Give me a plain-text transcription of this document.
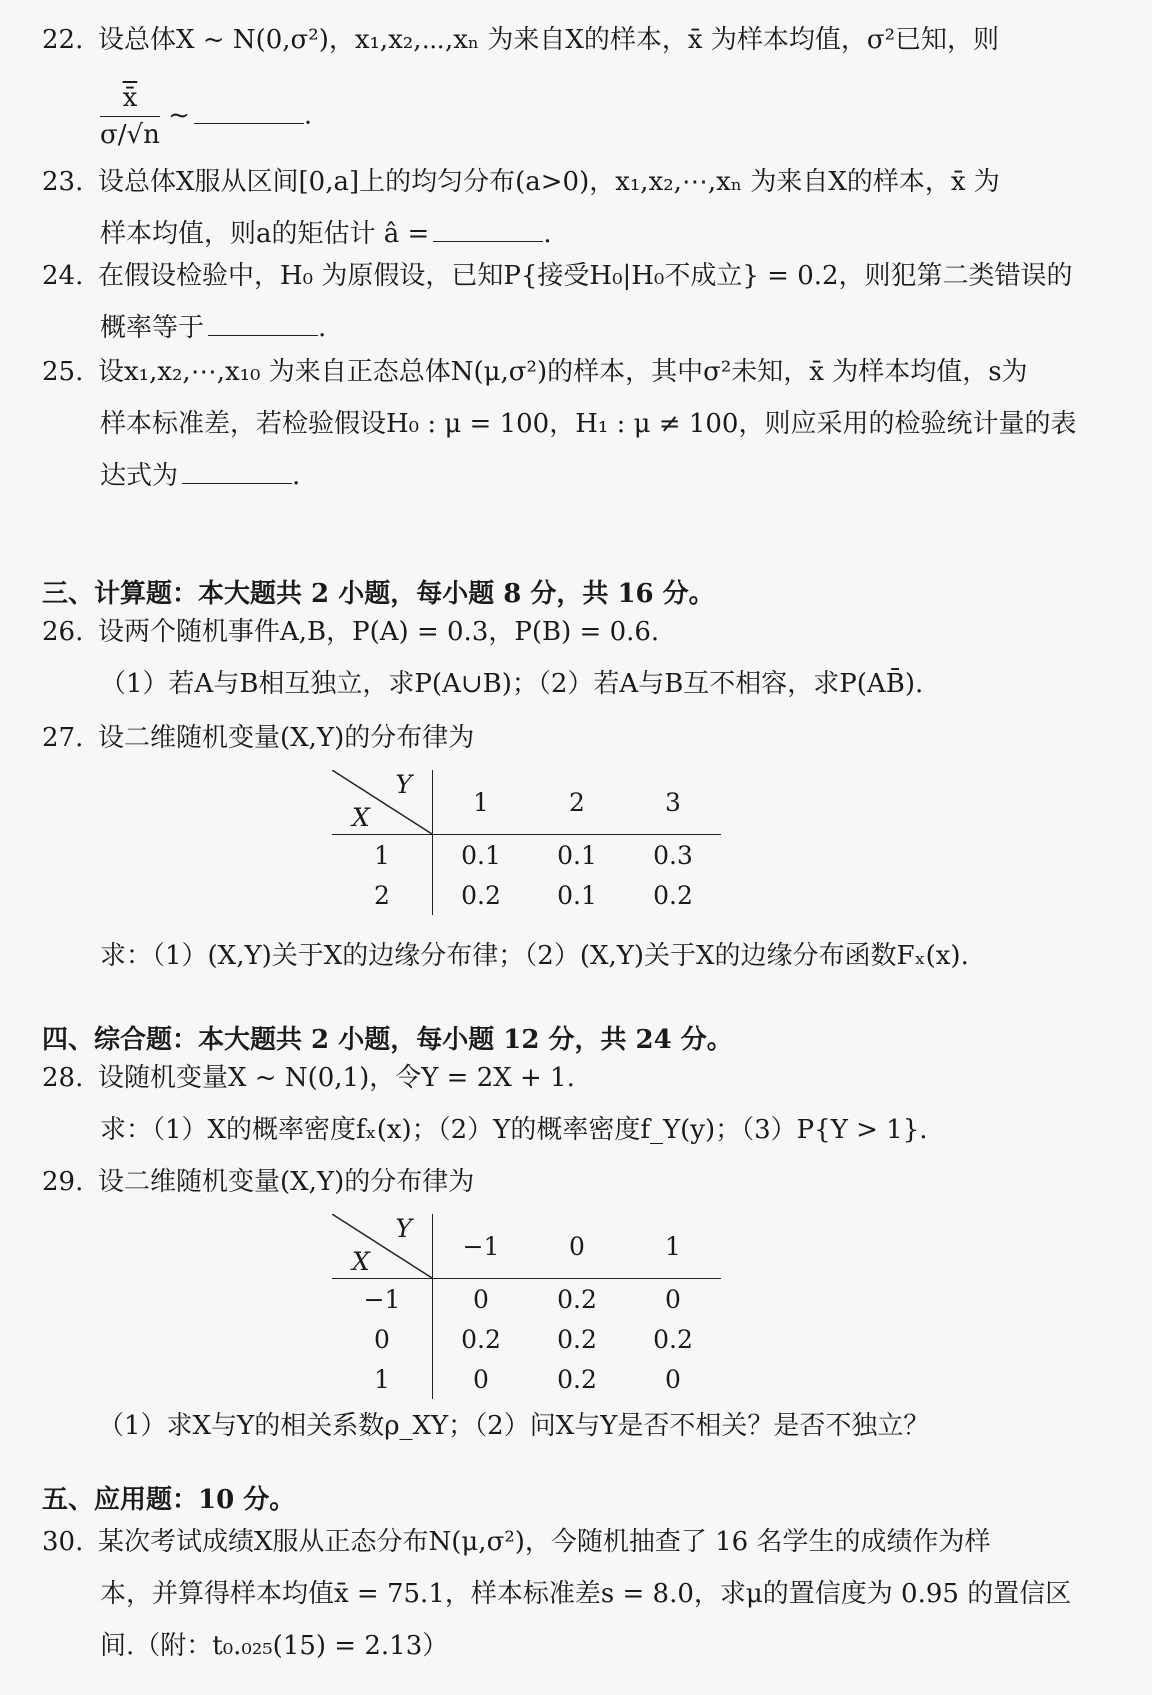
22. 设总体X ~ N(0,σ²)，x₁,x₂,⋯,xₙ 为来自X的样本，x̄ 为样本均值，σ²已知，则
$\frac{x̄}{\sigma/√n}$ ~	.
23. 设总体X服从区间[0,a]上的均匀分布(a>0)，x₁,x₂,⋯,xₙ 为来自X的样本，x̄ 为
样本均值，则a的矩估计 â =	.
24. 在假设检验中，H₀ 为原假设，已知P{接受H₀|H₀不成立} = 0.2，则犯第二类错误的
概率等于	.
25. 设x₁,x₂,⋯,x₁₀ 为来自正态总体N(μ,σ²)的样本，其中σ²未知，x̄ 为样本均值，s为
样本标准差，若检验假设H₀ : μ = 100，H₁ : μ ≠ 100，则应采用的检验统计量的表
达式为	.
三、计算题：本大题共 2 小题，每小题 8 分，共 16 分。
26. 设两个随机事件A,B，P(A) = 0.3，P(B) = 0.6.
（1）若A与B相互独立，求P(A∪B)；（2）若A与B互不相容，求P(AB̄̄).
27. 设二维随机变量(X,Y)的分布律为
Y
X	1	2	3
1	0.1	0.1	0.3
2	0.2	0.1	0.2
求：（1）(X,Y)关于X的边缘分布律；（2）(X,Y)关于X的边缘分布函数Fₓ(x).
四、综合题：本大题共 2 小题，每小题 12 分，共 24 分。
28. 设随机变量X ~ N(0,1)，令Y = 2X + 1.
求：（1）X的概率密度fₓ(x)；（2）Y的概率密度f_Y(y)；（3）P{Y > 1}.
29. 设二维随机变量(X,Y)的分布律为
Y
X	−1	0	1
−1	0	0.2	0
0	0.2	0.2	0.2
1	0	0.2	0
（1）求X与Y的相关系数ρ_XY；（2）问X与Y是否不相关？是否不独立？
五、应用题：10 分。
30. 某次考试成绩X服从正态分布N(μ,σ²)，今随机抽查了 16 名学生的成绩作为样
本，并算得样本均值x̄ = 75.1，样本标准差s = 8.0，求μ的置信度为 0.95 的置信区
间.（附：t₀.₀₂₅(15) = 2.13）
